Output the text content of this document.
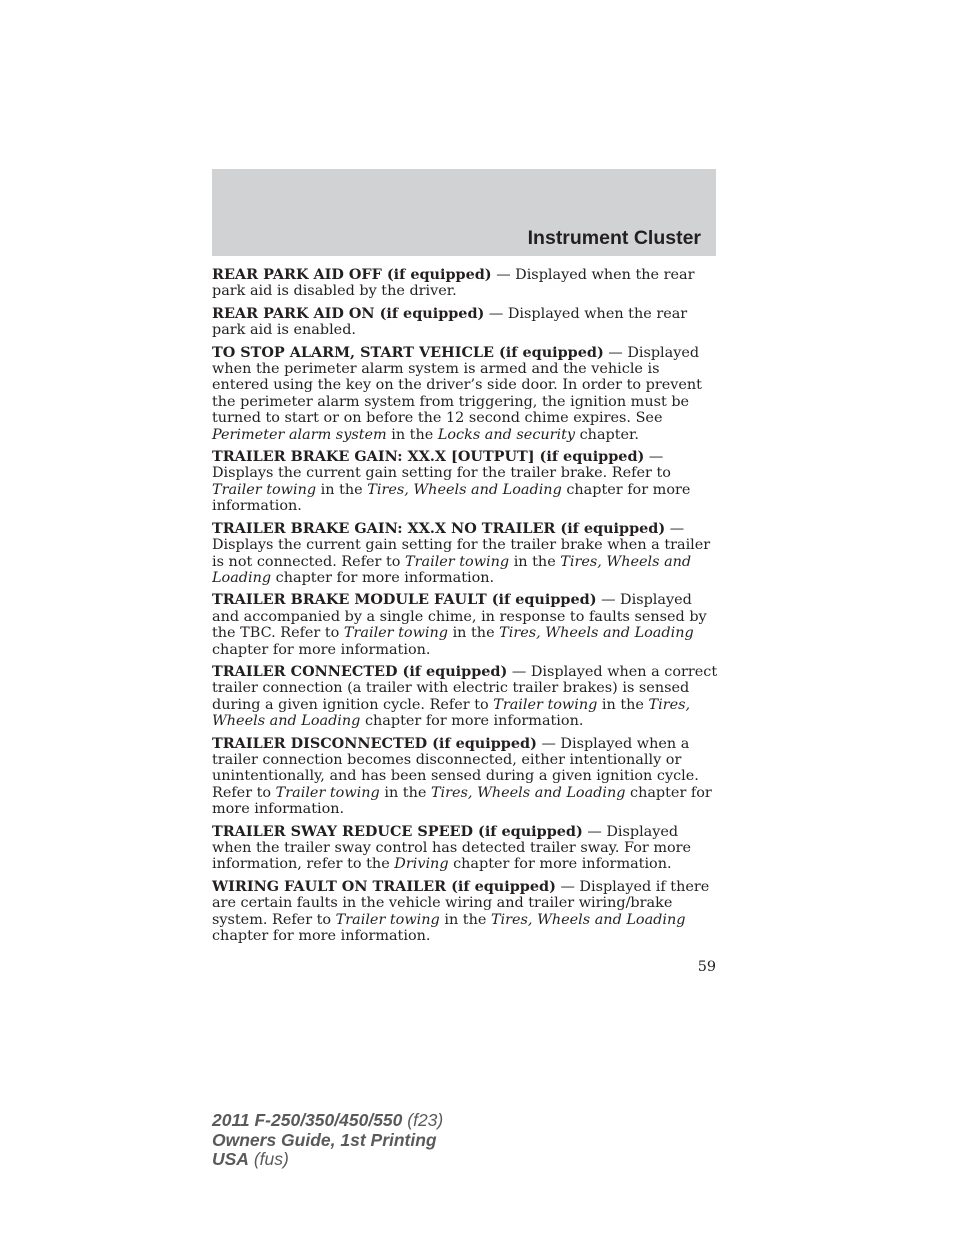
Instrument Cluster

REAR PARK AID OFF (if equipped) — Displayed when the rear park aid is disabled by the driver.

REAR PARK AID ON (if equipped) — Displayed when the rear park aid is enabled.

TO STOP ALARM, START VEHICLE (if equipped) — Displayed when the perimeter alarm system is armed and the vehicle is entered using the key on the driver’s side door. In order to prevent the perimeter alarm system from triggering, the ignition must be turned to start or on before the 12 second chime expires. See Perimeter alarm system in the Locks and security chapter.

TRAILER BRAKE GAIN: XX.X [OUTPUT] (if equipped) — Displays the current gain setting for the trailer brake. Refer to Trailer towing in the Tires, Wheels and Loading chapter for more information.

TRAILER BRAKE GAIN: XX.X NO TRAILER (if equipped) — Displays the current gain setting for the trailer brake when a trailer is not connected. Refer to Trailer towing in the Tires, Wheels and Loading chapter for more information.

TRAILER BRAKE MODULE FAULT (if equipped) — Displayed and accompanied by a single chime, in response to faults sensed by the TBC. Refer to Trailer towing in the Tires, Wheels and Loading chapter for more information.

TRAILER CONNECTED (if equipped) — Displayed when a correct trailer connection (a trailer with electric trailer brakes) is sensed during a given ignition cycle. Refer to Trailer towing in the Tires, Wheels and Loading chapter for more information.

TRAILER DISCONNECTED (if equipped) — Displayed when a trailer connection becomes disconnected, either intentionally or unintentionally, and has been sensed during a given ignition cycle. Refer to Trailer towing in the Tires, Wheels and Loading chapter for more information.

TRAILER SWAY REDUCE SPEED (if equipped) — Displayed when the trailer sway control has detected trailer sway. For more information, refer to the Driving chapter for more information.

WIRING FAULT ON TRAILER (if equipped) — Displayed if there are certain faults in the vehicle wiring and trailer wiring/brake system. Refer to Trailer towing in the Tires, Wheels and Loading chapter for more information.

59
2011 F-250/350/450/550 (f23)
Owners Guide, 1st Printing
USA (fus)
